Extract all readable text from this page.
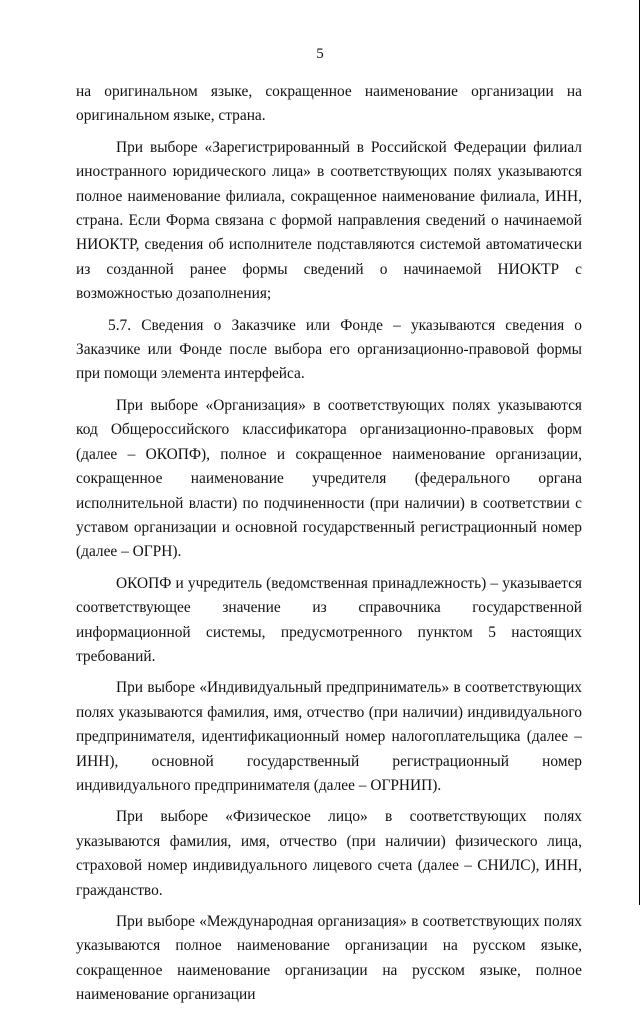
5

на оригинальном языке, сокращенное наименование организации на оригинальном языке, страна.

При выборе «Зарегистрированный в Российской Федерации филиал иностранного юридического лица» в соответствующих полях указываются полное наименование филиала, сокращенное наименование филиала, ИНН, страна. Если Форма связана с формой направления сведений о начинаемой НИОКТР, сведения об исполнителе подставляются системой автоматически из созданной ранее формы сведений о начинаемой НИОКТР с возможностью дозаполнения;

5.7. Сведения о Заказчике или Фонде – указываются сведения о Заказчике или Фонде после выбора его организационно-правовой формы при помощи элемента интерфейса.

При выборе «Организация» в соответствующих полях указываются код Общероссийского классификатора организационно-правовых форм (далее – ОКОПФ), полное и сокращенное наименование организации, сокращенное наименование учредителя (федерального органа исполнительной власти) по подчиненности (при наличии) в соответствии с уставом организации и основной государственный регистрационный номер (далее – ОГРН).

ОКОПФ и учредитель (ведомственная принадлежность) – указывается соответствующее значение из справочника государственной информационной системы, предусмотренного пунктом 5 настоящих требований.

При выборе «Индивидуальный предприниматель» в соответствующих полях указываются фамилия, имя, отчество (при наличии) индивидуального предпринимателя, идентификационный номер налогоплательщика (далее – ИНН), основной государственный регистрационный номер индивидуального предпринимателя (далее – ОГРНИП).

При выборе «Физическое лицо» в соответствующих полях указываются фамилия, имя, отчество (при наличии) физического лица, страховой номер индивидуального лицевого счета (далее – СНИЛС), ИНН, гражданство.

При выборе «Международная организация» в соответствующих полях указываются полное наименование организации на русском языке, сокращенное наименование организации на русском языке, полное наименование организации
